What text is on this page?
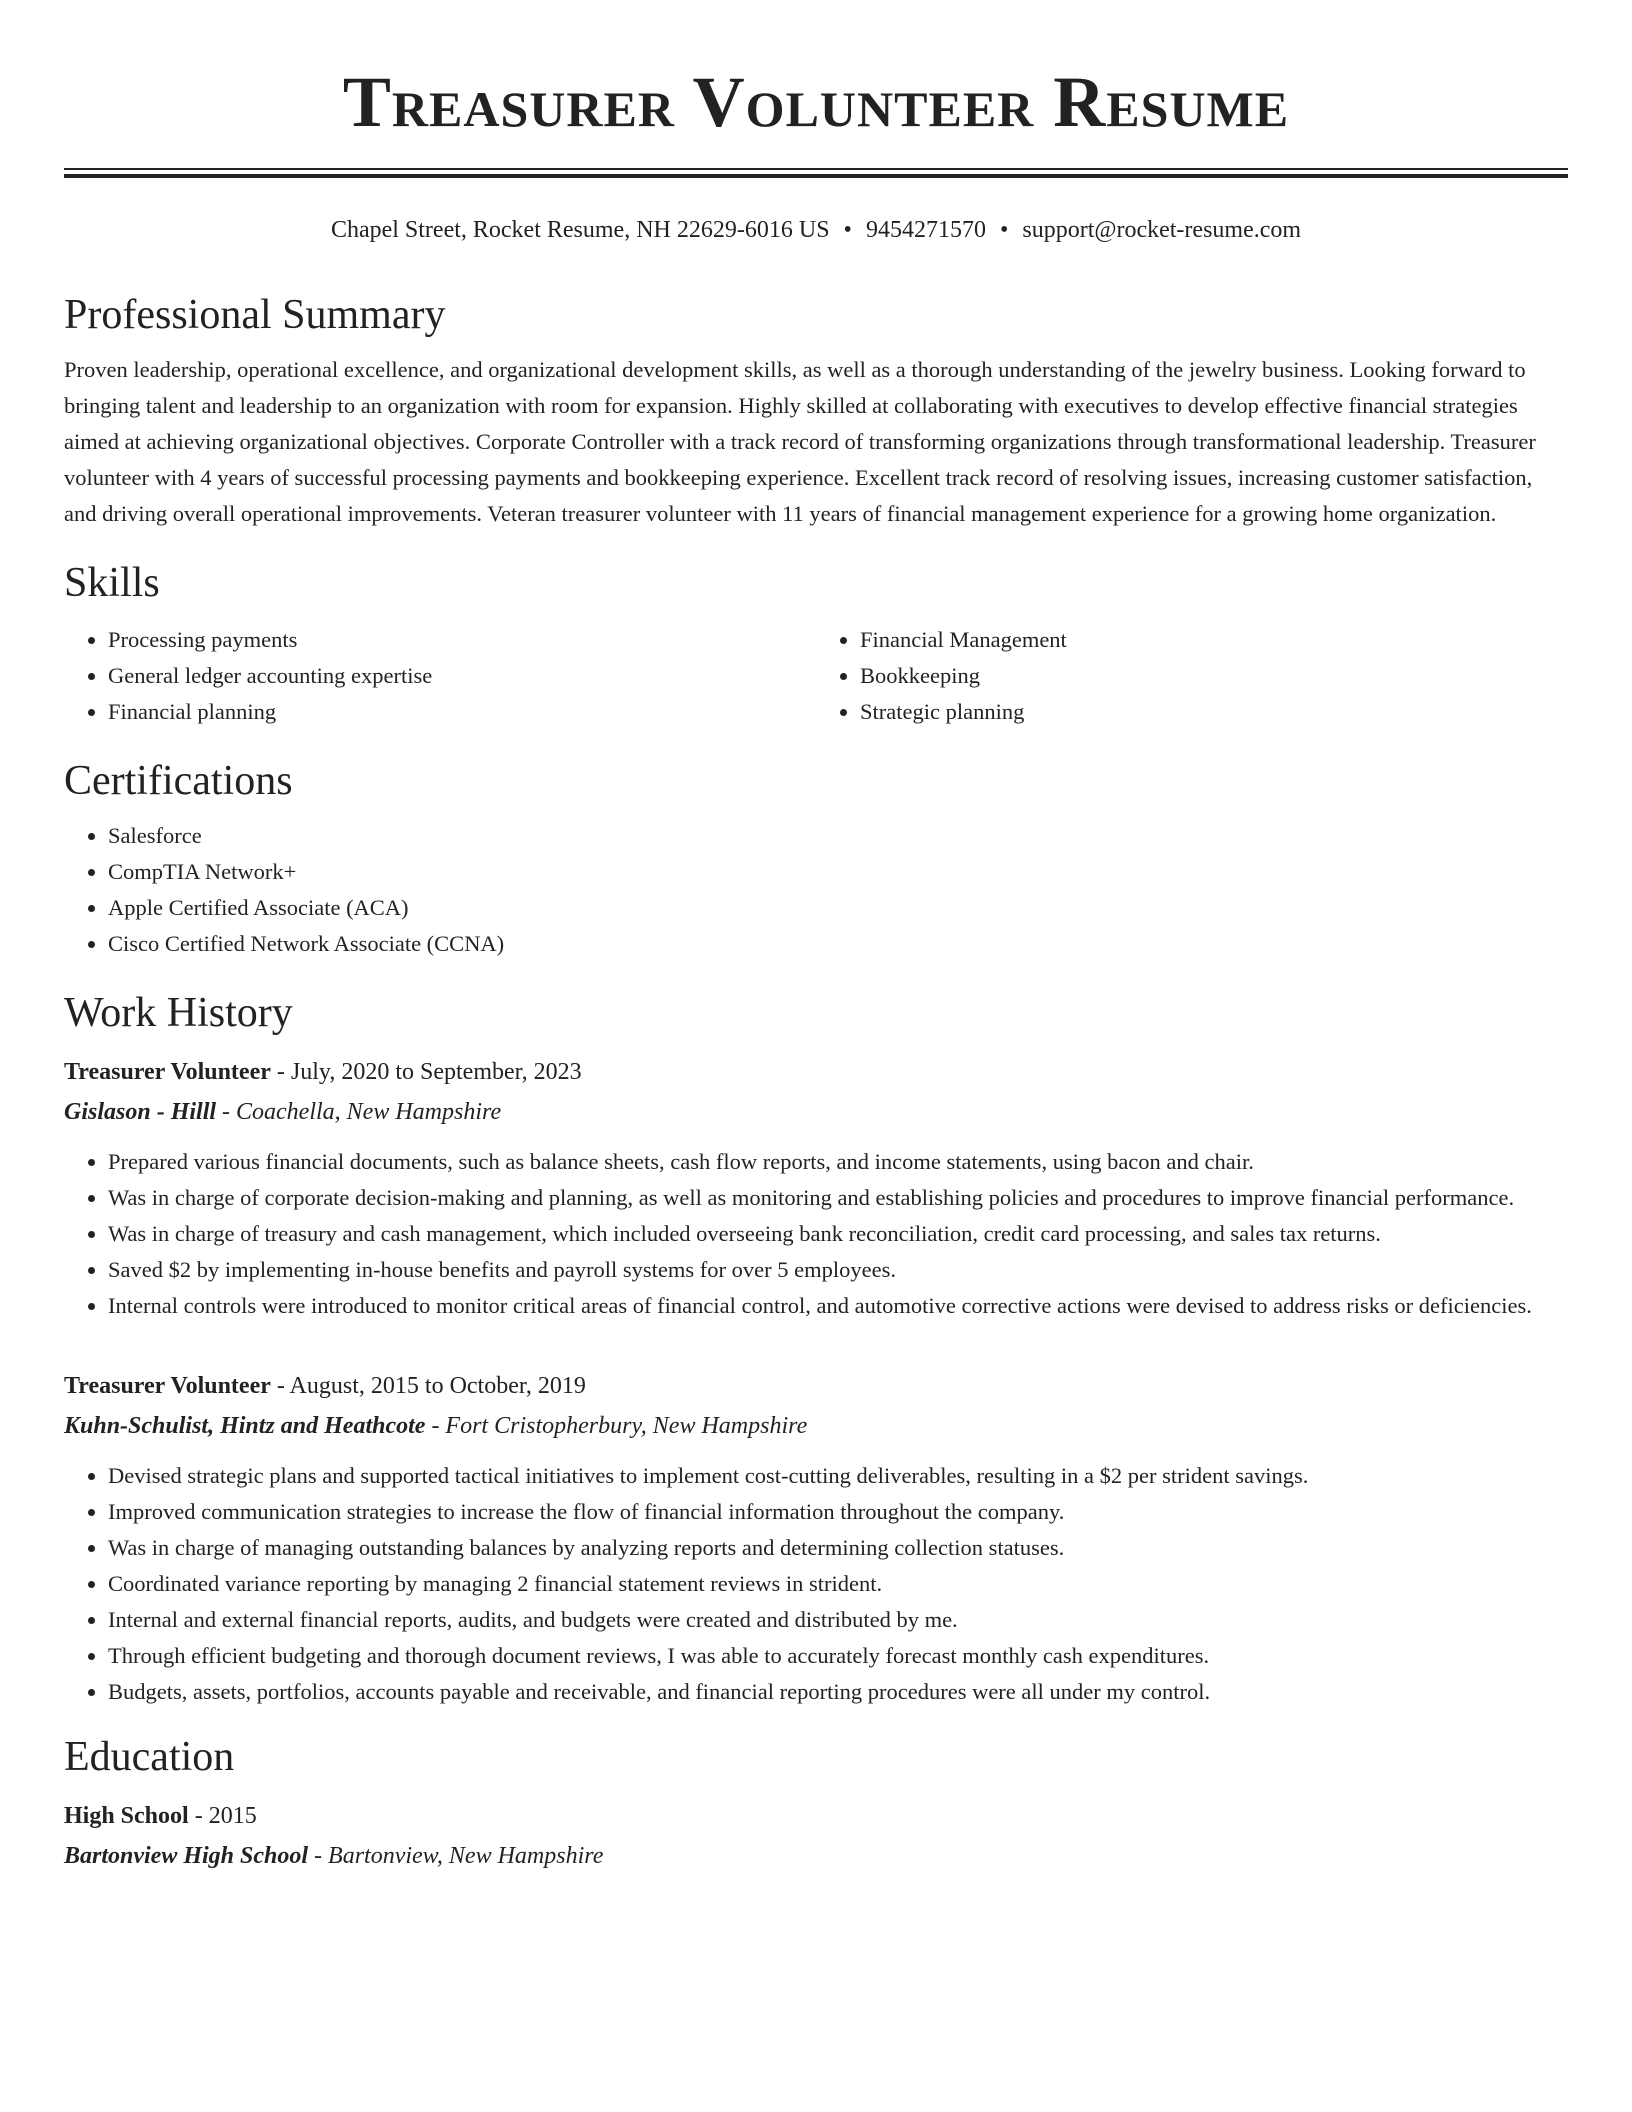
Treasurer Volunteer Resume
Chapel Street, Rocket Resume, NH 22629-6016 US • 9454271570 • support@rocket-resume.com
Professional Summary

Proven leadership, operational excellence, and organizational development skills, as well as a thorough understanding of the jewelry business. Looking forward to bringing talent and leadership to an organization with room for expansion. Highly skilled at collaborating with executives to develop effective financial strategies aimed at achieving organizational objectives. Corporate Controller with a track record of transforming organizations through transformational leadership. Treasurer volunteer with 4 years of successful processing payments and bookkeeping experience. Excellent track record of resolving issues, increasing customer satisfaction, and driving overall operational improvements. Veteran treasurer volunteer with 11 years of financial management experience for a growing home organization.

Skills
• Processing payments
• General ledger accounting expertise
• Financial planning
• Financial Management
• Bookkeeping
• Strategic planning
Certifications
• Salesforce
• CompTIA Network+
• Apple Certified Associate (ACA)
• Cisco Certified Network Associate (CCNA)
Work History
Treasurer Volunteer - July, 2020 to September, 2023
Gislason - Hilll - Coachella, New Hampshire
• Prepared various financial documents, such as balance sheets, cash flow reports, and income statements, using bacon and chair.
• Was in charge of corporate decision-making and planning, as well as monitoring and establishing policies and procedures to improve financial performance.
• Was in charge of treasury and cash management, which included overseeing bank reconciliation, credit card processing, and sales tax returns.
• Saved $2 by implementing in-house benefits and payroll systems for over 5 employees.
• Internal controls were introduced to monitor critical areas of financial control, and automotive corrective actions were devised to address risks or deficiencies.
Treasurer Volunteer - August, 2015 to October, 2019
Kuhn-Schulist, Hintz and Heathcote - Fort Cristopherbury, New Hampshire
• Devised strategic plans and supported tactical initiatives to implement cost-cutting deliverables, resulting in a $2 per strident savings.
• Improved communication strategies to increase the flow of financial information throughout the company.
• Was in charge of managing outstanding balances by analyzing reports and determining collection statuses.
• Coordinated variance reporting by managing 2 financial statement reviews in strident.
• Internal and external financial reports, audits, and budgets were created and distributed by me.
• Through efficient budgeting and thorough document reviews, I was able to accurately forecast monthly cash expenditures.
• Budgets, assets, portfolios, accounts payable and receivable, and financial reporting procedures were all under my control.
Education
High School - 2015
Bartonview High School - Bartonview, New Hampshire
